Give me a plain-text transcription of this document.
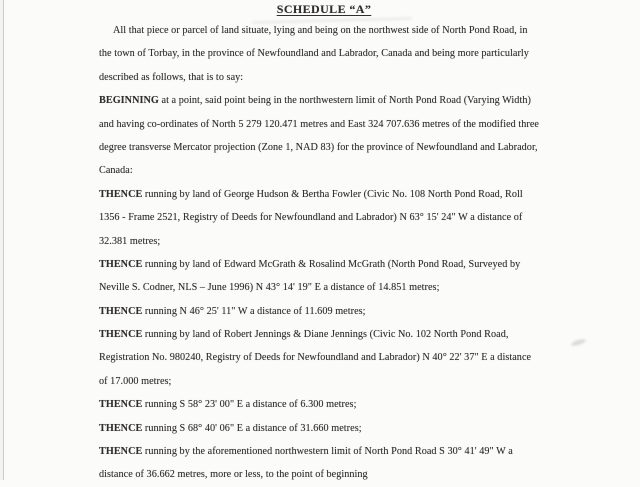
SCHEDULE “A”
All that piece or parcel of land situate, lying and being on the northwest side of North Pond Road, in
the town of Torbay, in the province of Newfoundland and Labrador, Canada and being more particularly
described as follows, that is to say:
BEGINNING at a point, said point being in the northwestern limit of North Pond Road (Varying Width)
and having co-ordinates of North 5 279 120.471 metres and East 324 707.636 metres of the modified three
degree transverse Mercator projection (Zone 1, NAD 83) for the province of Newfoundland and Labrador,
Canada:
THENCE running by land of George Hudson & Bertha Fowler (Civic No. 108 North Pond Road, Roll
1356 - Frame 2521, Registry of Deeds for Newfoundland and Labrador) N 63° 15' 24" W a distance of
32.381 metres;
THENCE running by land of Edward McGrath & Rosalind McGrath (North Pond Road, Surveyed by
Neville S. Codner, NLS – June 1996) N 43° 14' 19" E a distance of 14.851 metres;
THENCE running N 46° 25' 11" W a distance of 11.609 metres;
THENCE running by land of Robert Jennings & Diane Jennings (Civic No. 102 North Pond Road,
Registration No. 980240, Registry of Deeds for Newfoundland and Labrador) N 40° 22' 37" E a distance
of 17.000 metres;
THENCE running S 58° 23' 00" E a distance of 6.300 metres;
THENCE running S 68° 40' 06" E a distance of 31.660 metres;
THENCE running by the aforementioned northwestern limit of North Pond Road S 30° 41' 49" W a
distance of 36.662 metres, more or less, to the point of beginning
